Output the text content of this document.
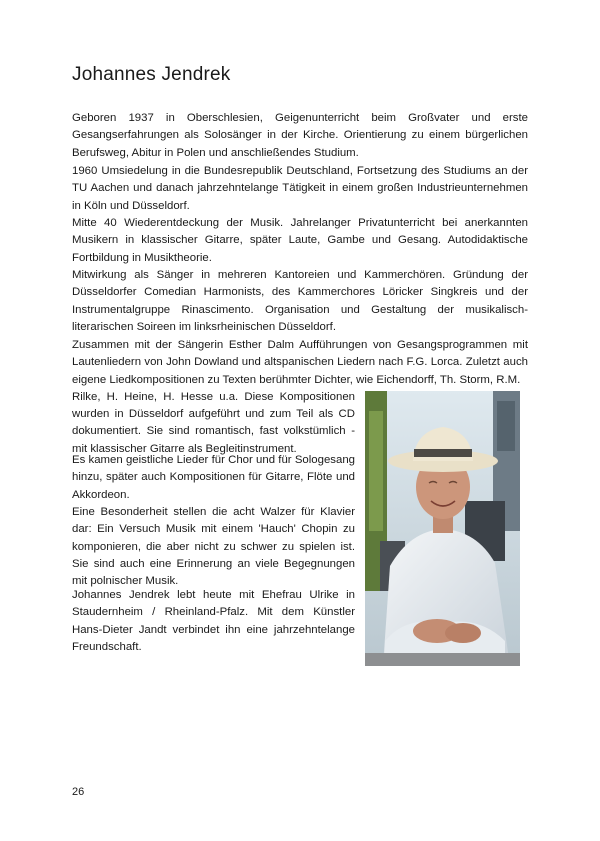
Johannes Jendrek

Geboren 1937 in Oberschlesien, Geigenunterricht beim Großvater und erste Gesangserfahrungen als Solosänger in der Kirche. Orientierung zu einem bürgerlichen Berufsweg, Abitur in Polen und anschließendes Studium.

1960 Umsiedelung in die Bundesrepublik Deutschland, Fortsetzung des Studiums an der TU Aachen und danach jahrzehntelange Tätigkeit in einem großen Industrieunternehmen in Köln und Düsseldorf.

Mitte 40 Wiederentdeckung der Musik. Jahrelanger Privatunterricht bei anerkannten Musikern in klassischer Gitarre, später Laute, Gambe und Gesang. Autodidaktische Fortbildung in Musiktheorie.

Mitwirkung als Sänger in mehreren Kantoreien und Kammerchören. Gründung der Düsseldorfer Comedian Harmonists, des Kammerchores Löricker Singkreis und der Instrumentalgruppe Rinascimento. Organisation und Gestaltung der musikalisch-literarischen Soireen im linksrheinischen Düsseldorf.

Zusammen mit der Sängerin Esther Dalm Aufführungen von Gesangsprogrammen mit Lautenliedern von John Dowland und altspanischen Liedern nach F.G. Lorca. Zuletzt auch eigene Liedkompositionen zu Texten berühmter Dichter, wie Eichendorff, Th. Storm, R.M.
Rilke, H. Heine, H. Hesse u.a. Diese Kompositionen wurden in Düsseldorf aufgeführt und zum Teil als CD dokumentiert. Sie sind romantisch, fast volkstümlich - mit klassischer Gitarre als Begleitinstrument.

Es kamen geistliche Lieder für Chor und für Sologesang hinzu, später auch Kompositionen für Gitarre, Flöte und Akkordeon.

Eine Besonderheit stellen die acht Walzer für Klavier dar: Ein Versuch Musik mit einem 'Hauch' Chopin zu komponieren, die aber nicht zu schwer zu spielen ist. Sie sind auch eine Erinnerung an viele Begegnungen mit polnischer Musik.

Johannes Jendrek lebt heute mit Ehefrau Ulrike in Staudernheim / Rheinland-Pfalz. Mit dem Künstler Hans-Dieter Jandt verbindet ihn eine jahrzehntelange Freundschaft.

26
